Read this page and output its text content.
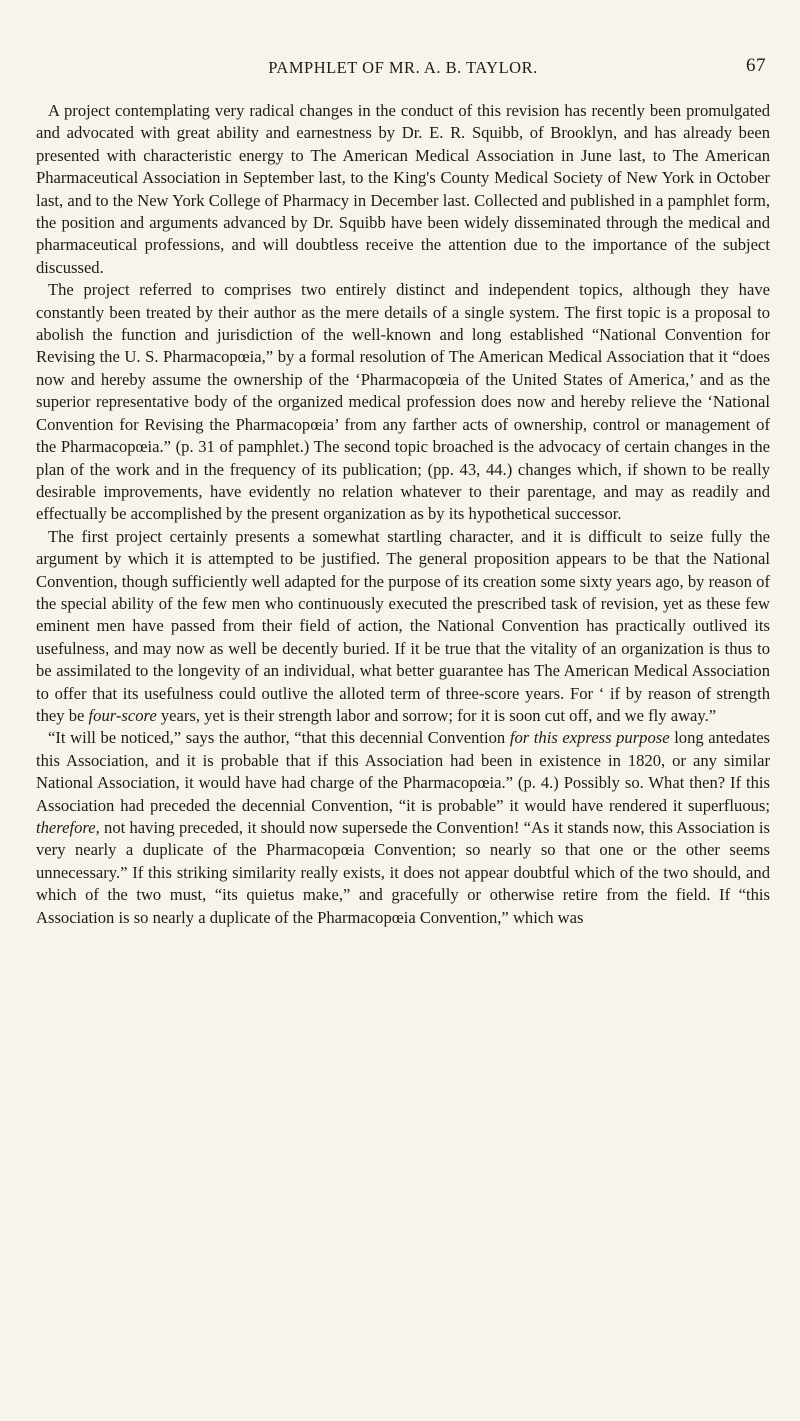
PAMPHLET OF MR. A. B. TAYLOR.	67

A project contemplating very radical changes in the conduct of this revision has recently been promulgated and advocated with great ability and earnestness by Dr. E. R. Squibb, of Brooklyn, and has already been presented with characteristic energy to The American Medical Association in June last, to The American Pharmaceutical Association in September last, to the King's County Medical Society of New York in October last, and to the New York College of Pharmacy in December last. Collected and published in a pamphlet form, the position and arguments advanced by Dr. Squibb have been widely disseminated through the medical and pharmaceutical professions, and will doubtless receive the attention due to the importance of the subject discussed.

The project referred to comprises two entirely distinct and independent topics, although they have constantly been treated by their author as the mere details of a single system. The first topic is a proposal to abolish the function and jurisdiction of the well-known and long established “National Convention for Revising the U. S. Pharmacopœia,” by a formal resolution of The American Medical Association that it “does now and hereby assume the ownership of the ‘Pharmacopœia of the United States of America,’ and as the superior representative body of the organized medical profession does now and hereby relieve the ‘National Convention for Revising the Pharmacopœia’ from any farther acts of ownership, control or management of the Pharmacopœia.” (p. 31 of pamphlet.) The second topic broached is the advocacy of certain changes in the plan of the work and in the frequency of its publication; (pp. 43, 44.) changes which, if shown to be really desirable improvements, have evidently no relation whatever to their parentage, and may as readily and effectually be accomplished by the present organization as by its hypothetical successor.

The first project certainly presents a somewhat startling character, and it is difficult to seize fully the argument by which it is attempted to be justified. The general proposition appears to be that the National Convention, though sufficiently well adapted for the purpose of its creation some sixty years ago, by reason of the special ability of the few men who continuously executed the prescribed task of revision, yet as these few eminent men have passed from their field of action, the National Convention has practically outlived its usefulness, and may now as well be decently buried. If it be true that the vitality of an organization is thus to be assimilated to the longevity of an individual, what better guarantee has The American Medical Association to offer that its usefulness could outlive the alloted term of three-score years. For ‘ if by reason of strength they be four-score years, yet is their strength labor and sorrow; for it is soon cut off, and we fly away.”

“It will be noticed,” says the author, “that this decennial Convention for this express purpose long antedates this Association, and it is probable that if this Association had been in existence in 1820, or any similar National Association, it would have had charge of the Pharmacopœia.” (p. 4.) Possibly so. What then? If this Association had preceded the decennial Convention, “it is probable” it would have rendered it superfluous; therefore, not having preceded, it should now supersede the Convention! “As it stands now, this Association is very nearly a duplicate of the Pharmacopœia Convention; so nearly so that one or the other seems unnecessary.” If this striking similarity really exists, it does not appear doubtful which of the two should, and which of the two must, “its quietus make,” and gracefully or otherwise retire from the field. If “this Association is so nearly a duplicate of the Pharmacopœia Convention,” which was
